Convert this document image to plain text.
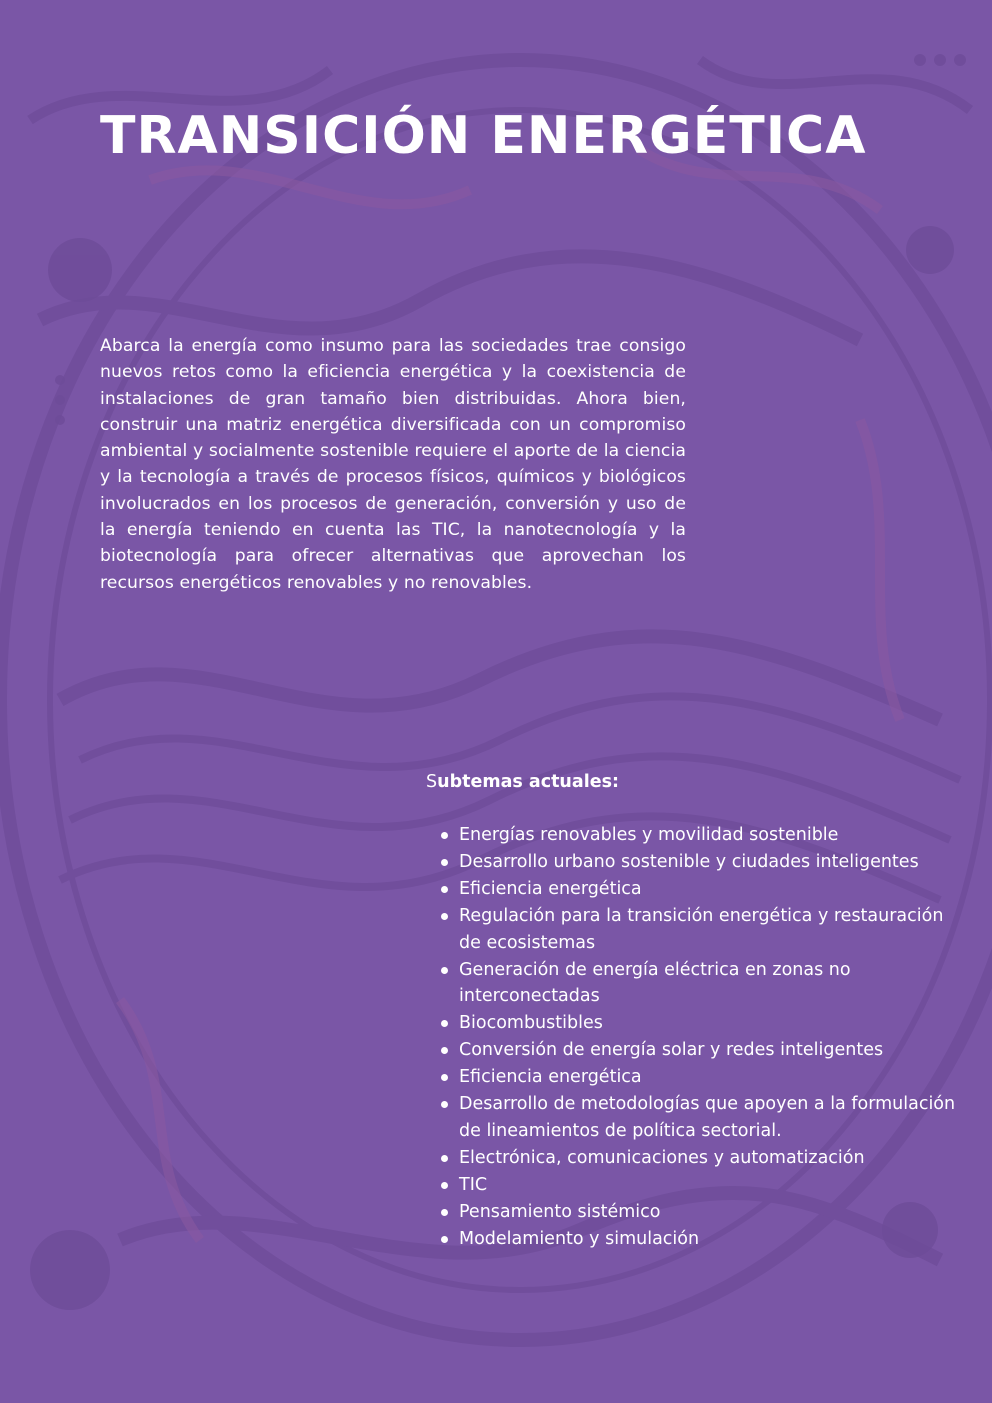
TRANSICIÓN ENERGÉTICA

Abarca la energía como insumo para las sociedades trae consigo nuevos retos como la eficiencia energética y la coexistencia de instalaciones de gran tamaño bien distribuidas. Ahora bien, construir una matriz energética diversificada con un compromiso ambiental y socialmente sostenible requiere el aporte de la ciencia y la tecnología a través de procesos físicos, químicos y biológicos involucrados en los procesos de generación, conversión y uso de la energía teniendo en cuenta las TIC, la nanotecnología y la biotecnología para ofrecer alternativas que aprovechan los recursos energéticos renovables y no renovables.

Subtemas actuales:

Energías renovables y movilidad sostenible
Desarrollo urbano sostenible y ciudades inteligentes
Eficiencia energética
Regulación para la transición energética y restauración de ecosistemas
Generación de energía eléctrica en zonas no interconectadas
Biocombustibles
Conversión de energía solar y redes inteligentes
Eficiencia energética
Desarrollo de metodologías que apoyen a la formulación de lineamientos de política sectorial.
Electrónica, comunicaciones y automatización
TIC
Pensamiento sistémico
Modelamiento y simulación
